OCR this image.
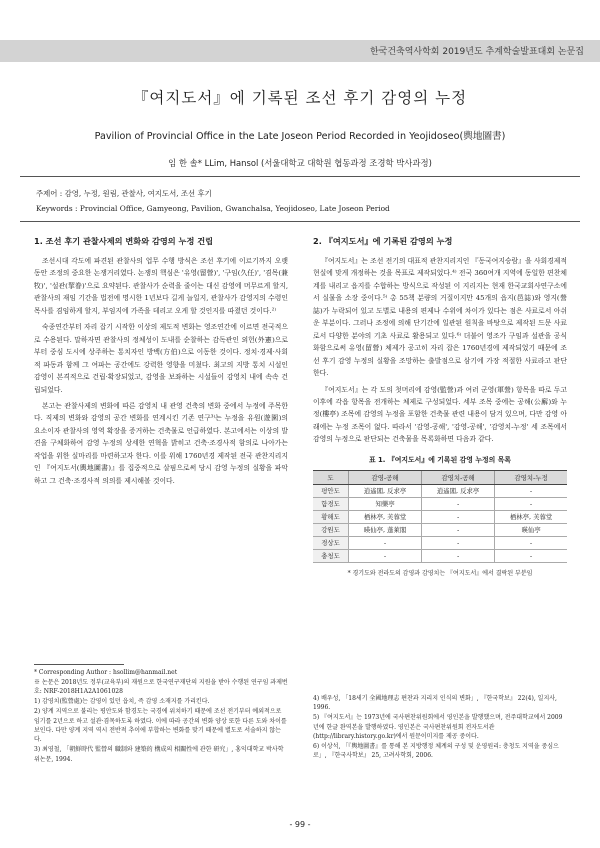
한국건축역사학회 2019년도 추계학술발표대회 논문집
『여지도서』에 기록된 조선 후기 감영의 누정
Pavilion of Provincial Office in the Late Joseon Period Recorded in Yeojidoseo(輿地圖書)
임 한 솔* LLim, Hansol (서울대학교 대학원 협동과정 조경학 박사과정)
주제어 : 감영, 누정, 원림, 관찰사, 여지도서, 조선 후기
Keywords : Provincial Office, Gamyeong, Pavilion, Gwanchalsa, Yeojidoseo, Late Joseon Period
1. 조선 후기 관찰사제의 변화와 감영의 누정 건립

조선시대 각도에 파견된 관찰사의 업무 수행 방식은 조선 후기에 이르기까지 오랫동안 조정의 중요한 논쟁거리였다. 논쟁의 핵심은 '유영(留營)', '구임(久任)', '겸목(兼牧)', '설관(挈眷)'으로 요약된다. 관찰사가 순력을 줄이는 대신 감영에 머무르게 할지, 관찰사의 재임 기간을 법전에 명시한 1년보다 길게 늘일지, 관찰사가 감영지의 수령인 목사를 겸임하게 할지, 부임지에 가족을 데리고 오게 할 것인지를 따졌던 것이다.²⁾

숙종연간부터 자리 잡기 시작한 이상의 제도적 변화는 영조연간에 이르면 전국적으로 수용된다. 말하자면 관찰사의 정체성이 도내를 순찰하는 감독관인 외헌(外憲)으로부터 중심 도시에 상주하는 통치자인 방백(方伯)으로 이동한 것이다. 정치·경제·사회적 파동과 함께 그 여파는 공간에도 강력한 영향을 미쳤다. 최고의 지방 통치 시설인 감영이 본격적으로 건립·확장되었고, 감영을 보좌하는 시설들이 감영치 내에 속속 건립되었다.

본고는 관찰사제의 변화에 따른 감영치 내 관영 건축의 변화 중에서 누정에 주목한다. 직제의 변화와 감영의 공간 변화를 연계시킨 기존 연구³⁾는 누정을 유원(遊園)의 요소이자 관찰사의 영역 확장을 증거하는 건축물로 언급하였다. 본고에서는 이상의 발견을 구체화하여 감영 누정의 상세한 연혁을 밝히고 건축·조경사적 함의로 나아가는 작업을 위한 실마리를 마련하고자 한다. 이를 위해 1760년경 제작된 전국 관찬지리지인 『여지도서(輿地圖書)』를 집중적으로 살핌으로써 당시 감영 누정의 실황을 파악하고 그 건축·조경사적 의의를 제시해볼 것이다.

2. 『여지도서』에 기록된 감영의 누정

『여지도서』는 조선 전기의 대표적 관찬지리지인 『동국여지승람』을 사회경제적 현실에 맞게 개정하는 것을 목표로 제작되었다.⁴⁾ 전국 360여개 지역에 동일한 편찬체계를 내리고 읍지를 수합하는 방식으로 작성된 이 지리지는 현재 한국교회사연구소에서 실물을 소장 중이다.⁵⁾ 총 55책 분량의 거질이지만 45개의 읍지(邑誌)와 영지(營誌)가 누락되어 있고 도별로 내용의 편제나 수위에 차이가 있다는 점은 사료로서 아쉬운 부분이다. 그러나 조정에 의해 단기간에 일관된 원칙을 바탕으로 제작된 드문 사료로서 다양한 분야의 기초 사료로 활용되고 있다.⁶⁾ 더불어 영조가 구임과 설관을 공식화함으로써 유영(留營) 체제가 공고히 자리 잡은 1760년경에 제작되었기 때문에 조선 후기 감영 누정의 실황을 조망하는 출발점으로 삼기에 가장 적절한 사료라고 판단한다.

『여지도서』는 각 도의 첫머리에 감영(監營)과 여러 군영(軍營) 항목을 따로 두고 이후에 각읍 항목을 전개하는 체제로 구성되었다. 세부 조목 중에는 공해(公廨)와 누정(樓亭) 조목에 감영의 누정을 포함한 건축물 관련 내용이 담겨 있으며, 다만 감영 아래에는 누정 조목이 없다. 따라서 '감영-공해', '감영-공해', '감영치-누정' 세 조목에서 감영의 누정으로 판단되는 건축물을 목록화하면 다음과 같다.

표 1. 『여지도서』에 기록된 감영 누정의 목록
도	감영-공해	감영치-공해	감영치-누정
평안도	逍遙閣, 反求亭	逍遙閣, 反求亭	-
함경도	知樂亭	-	-
황해도	栖林亭, 芙蓉堂	-	栖林亭, 芙蓉堂
강원도	暎仙亭, 蓬萊閣	-	暎仙亭
경상도	-	-	-
충청도	-	-	-
* 경기도와 전라도의 감영과 감영치는 『여지도서』에서 결락된 부분임
* Corresponding Author : hsollim@hanmail.net
※ 논문은 2018년도 정부(교육부)의 재원으로 한국연구재단의 지원을 받아 수행된 연구임 과제번호: NRF-2018H1A2A1061028
1) 감영치(監營處)는 감영이 있던 읍치, 즉 감영 소재지를 가리킨다.
2) 양계 지역으로 불리는 평안도와 함경도는 국경에 위치하기 때문에 조선 전기부터 예외적으로 임기를 2년으로 하고 설관·겸목하도록 하였다. 이에 따라 공간의 변화 양상 또한 다른 도와 차이를 보인다. 다만 양계 지역 역시 전반적 추이에 부합하는 변화를 맞기 때문에 별도로 서술하지 않는다.
3) 최영철, 「朝鮮時代 監營의 職制와 建築的 構成의 相關性에 관한 研究」, 홍익대학교 박사학위논문, 1994.
4) 배우성, 「18세기 全國地理志 편찬과 지리지 인식의 변화」, 『한국학보』 22(4), 일지사, 1996.
5) 『여지도서』는 1973년에 국사편찬위원회에서 영인본을 발행했으며, 전주대학교에서 2009년에 한글 완역본을 발행하였다. 영인본은 국사편찬위원회 전자도서관(http://library.history.go.kr)에서 원문이미지를 제공 중이다.
6) 이상석, 「『輿地圖書』를 통해 본 지방행정 체계의 구성 및 운영원리: 충청도 지역을 중심으로」, 『한국사학보』 25, 고려사학회, 2006.
- 99 -
